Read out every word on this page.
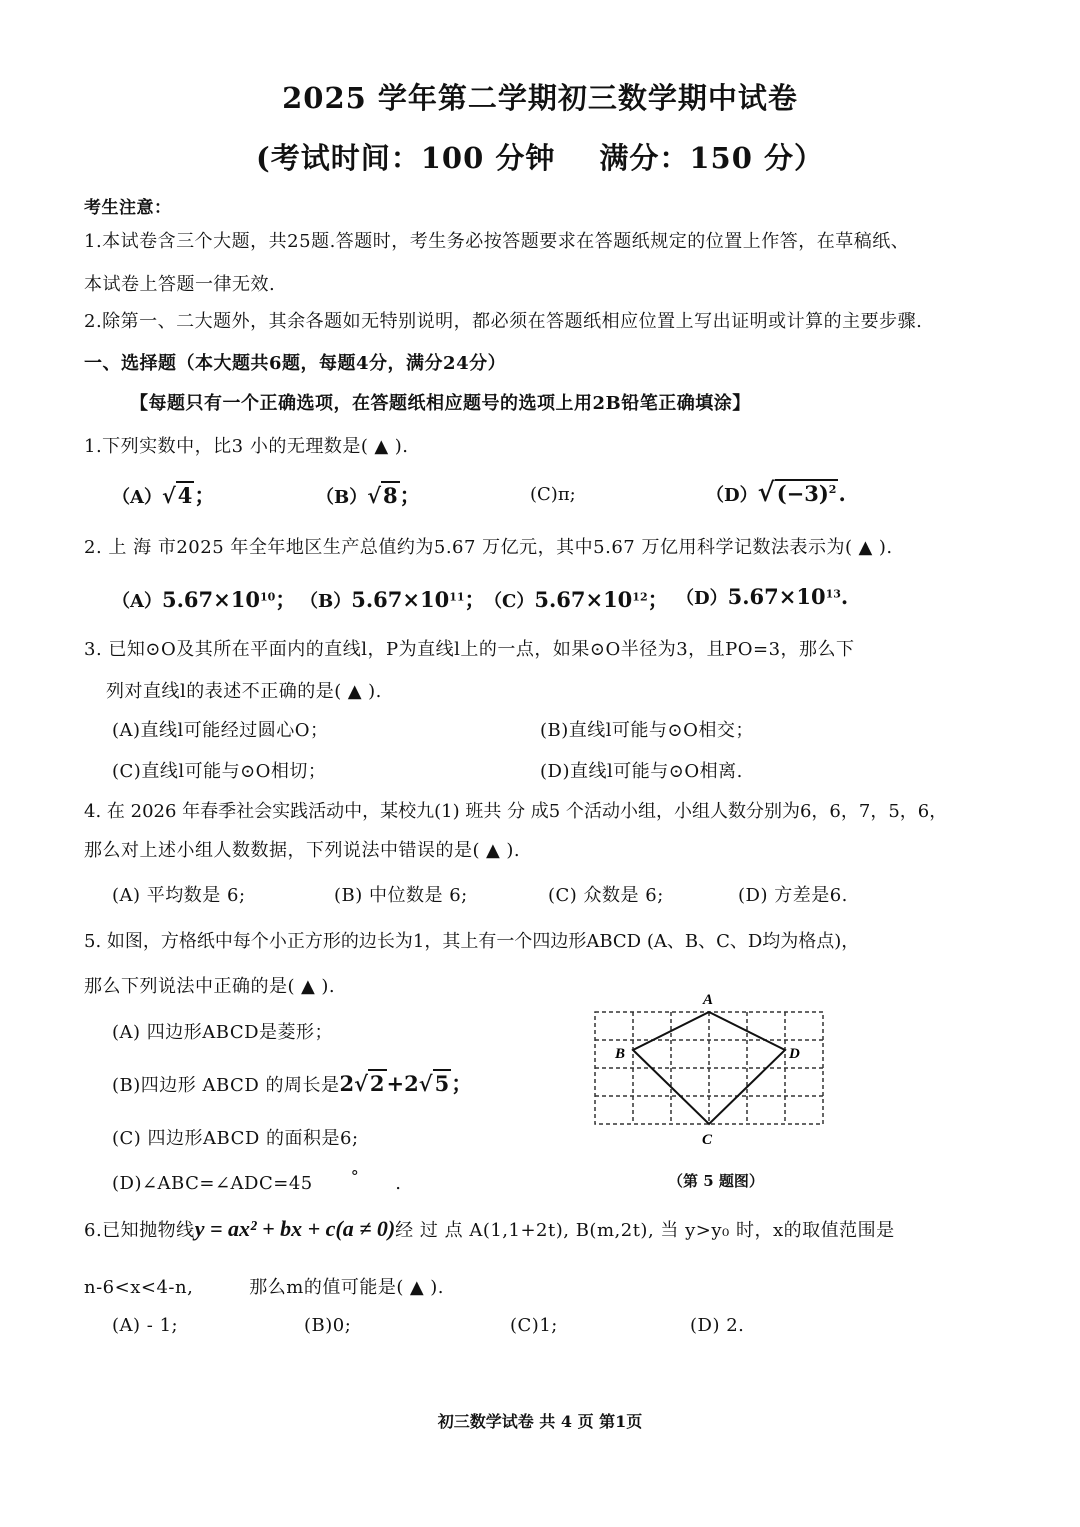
2025 学年第二学期初三数学期中试卷
(考试时间：100 分钟 满分：150 分）
考生注意：
1.本试卷含三个大题，共25题.答题时，考生务必按答题要求在答题纸规定的位置上作答，在草稿纸、
本试卷上答题一律无效.
2.除第一、二大题外，其余各题如无特别说明，都必须在答题纸相应位置上写出证明或计算的主要步骤.
一、选择题（本大题共6题，每题4分，满分24分）
【每题只有一个正确选项，在答题纸相应题号的选项上用2B铅笔正确填涂】
1.下列实数中，比3 小的无理数是( ▲ ).
（A）√4；	（B）√8；	(C)π;	$(D)√(-3)^2$.
2. 上 海 市2025 年全年地区生产总值约为5.67 万亿元，其中5.67 万亿用科学记数法表示为( ▲ ).
$(A)5.67\times 10^{10}$； $(B)5.67\times 10^{11}$；
$(C)5.67\times 10^{12}$； $(D)5.67\times 10^{13}$.
3. 已知⊙O及其所在平面内的直线l，P为直线l上的一点，如果⊙O半径为3，且PO=3，那么下
列对直线l的表述不正确的是( ▲ ).
(A)直线l可能经过圆心O；	(B)直线l可能与⊙O相交；
(C)直线l可能与⊙O相切；	(D)直线l可能与⊙O相离.
4. 在 2026 年春季社会实践活动中，某校九(1) 班共 分 成5 个活动小组，小组人数分别为6，6，7，5，6，
那么对上述小组人数数据，下列说法中错误的是( ▲ ).
(A) 平均数是 6;	(B) 中位数是 6;	(C) 众数是 6;	(D) 方差是6.
5. 如图，方格纸中每个小正方形的边长为1，其上有一个四边形ABCD (A、B、C、D均为格点)，
那么下列说法中正确的是( ▲ ).
(A) 四边形ABCD是菱形；
(B)四边形 ABCD 的周长是2√2+2√5；
(C) 四边形ABCD 的面积是6;
(D)∠ABC=∠ADC=45 ° .
A
B	D
C
（第 5 题图）
6.已知抛物线y = ax² + bx + c(a ≠ 0)经 过 点 A(1,1+2t), B(m,2t), 当 y>y₀ 时，x的取值范围是
n-6<x<4-n,	那么m的值可能是( ▲ ).
(A) - 1;	(B)0;	(C)1;	(D) 2.
初三数学试卷 共 4 页 第1页
